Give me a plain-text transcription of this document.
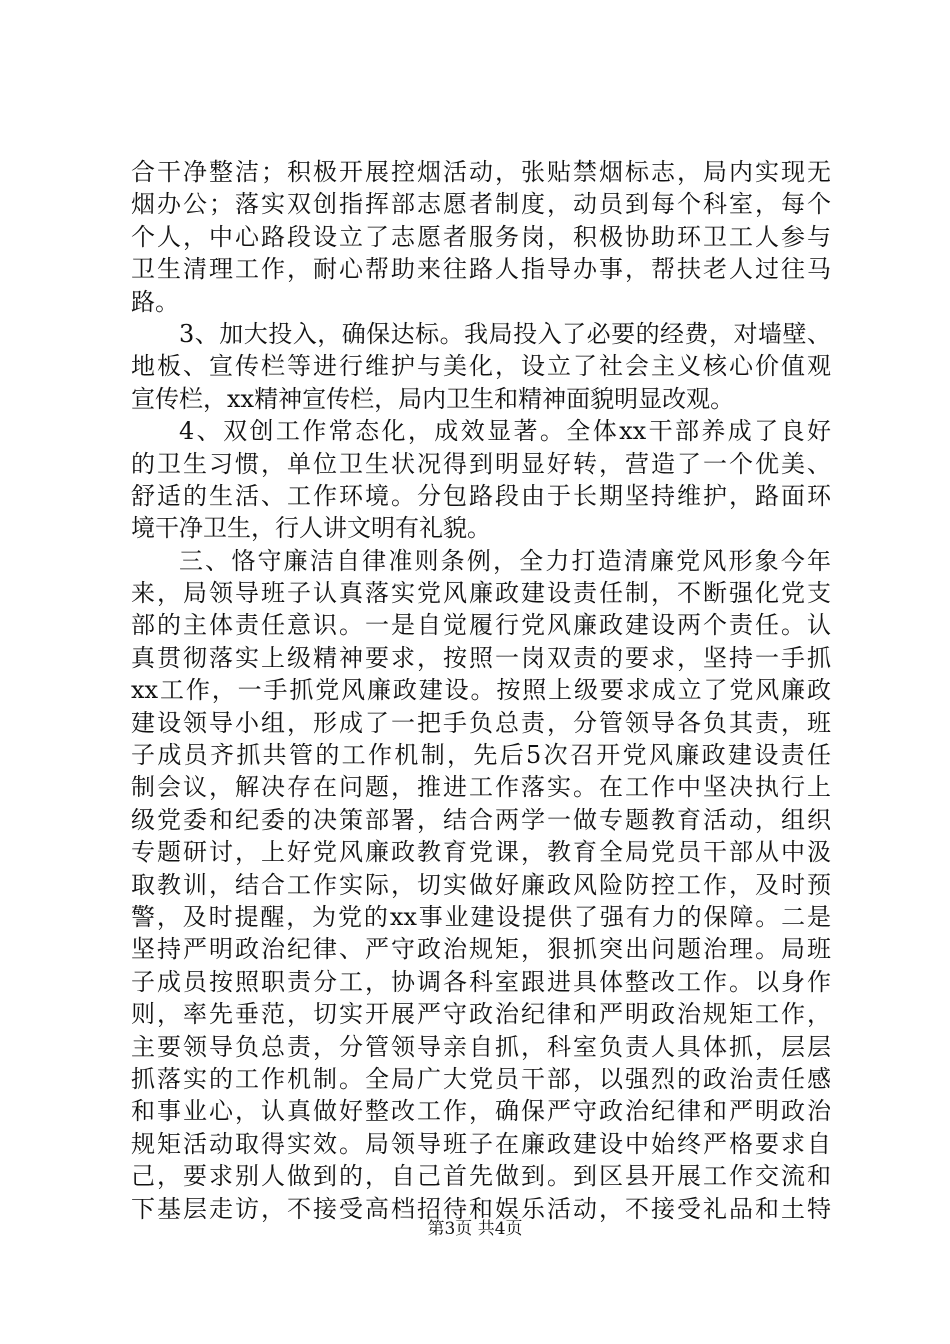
合干净整洁；积极开展控烟活动，张贴禁烟标志，局内实现无
烟办公；落实双创指挥部志愿者制度，动员到每个科室，每个
个人，中心路段设立了志愿者服务岗，积极协助环卫工人参与
卫生清理工作，耐心帮助来往路人指导办事，帮扶老人过往马
路。
3、加大投入，确保达标。我局投入了必要的经费，对墙壁、
地板、宣传栏等进行维护与美化，设立了社会主义核心价值观
宣传栏，xx精神宣传栏，局内卫生和精神面貌明显改观。
4、双创工作常态化，成效显著。全体xx干部养成了良好
的卫生习惯，单位卫生状况得到明显好转，营造了一个优美、
舒适的生活、工作环境。分包路段由于长期坚持维护，路面环
境干净卫生，行人讲文明有礼貌。
三、恪守廉洁自律准则条例，全力打造清廉党风形象今年
来，局领导班子认真落实党风廉政建设责任制，不断强化党支
部的主体责任意识。一是自觉履行党风廉政建设两个责任。认
真贯彻落实上级精神要求，按照一岗双责的要求，坚持一手抓
xx工作，一手抓党风廉政建设。按照上级要求成立了党风廉政
建设领导小组，形成了一把手负总责，分管领导各负其责，班
子成员齐抓共管的工作机制，先后5次召开党风廉政建设责任
制会议，解决存在问题，推进工作落实。在工作中坚决执行上
级党委和纪委的决策部署，结合两学一做专题教育活动，组织
专题研讨，上好党风廉政教育党课，教育全局党员干部从中汲
取教训，结合工作实际，切实做好廉政风险防控工作，及时预
警，及时提醒，为党的xx事业建设提供了强有力的保障。二是
坚持严明政治纪律、严守政治规矩，狠抓突出问题治理。局班
子成员按照职责分工，协调各科室跟进具体整改工作。以身作
则，率先垂范，切实开展严守政治纪律和严明政治规矩工作，
主要领导负总责，分管领导亲自抓，科室负责人具体抓，层层
抓落实的工作机制。全局广大党员干部，以强烈的政治责任感
和事业心，认真做好整改工作，确保严守政治纪律和严明政治
规矩活动取得实效。局领导班子在廉政建设中始终严格要求自
己，要求别人做到的，自己首先做到。到区县开展工作交流和
下基层走访，不接受高档招待和娱乐活动，不接受礼品和土特
第3页 共4页
